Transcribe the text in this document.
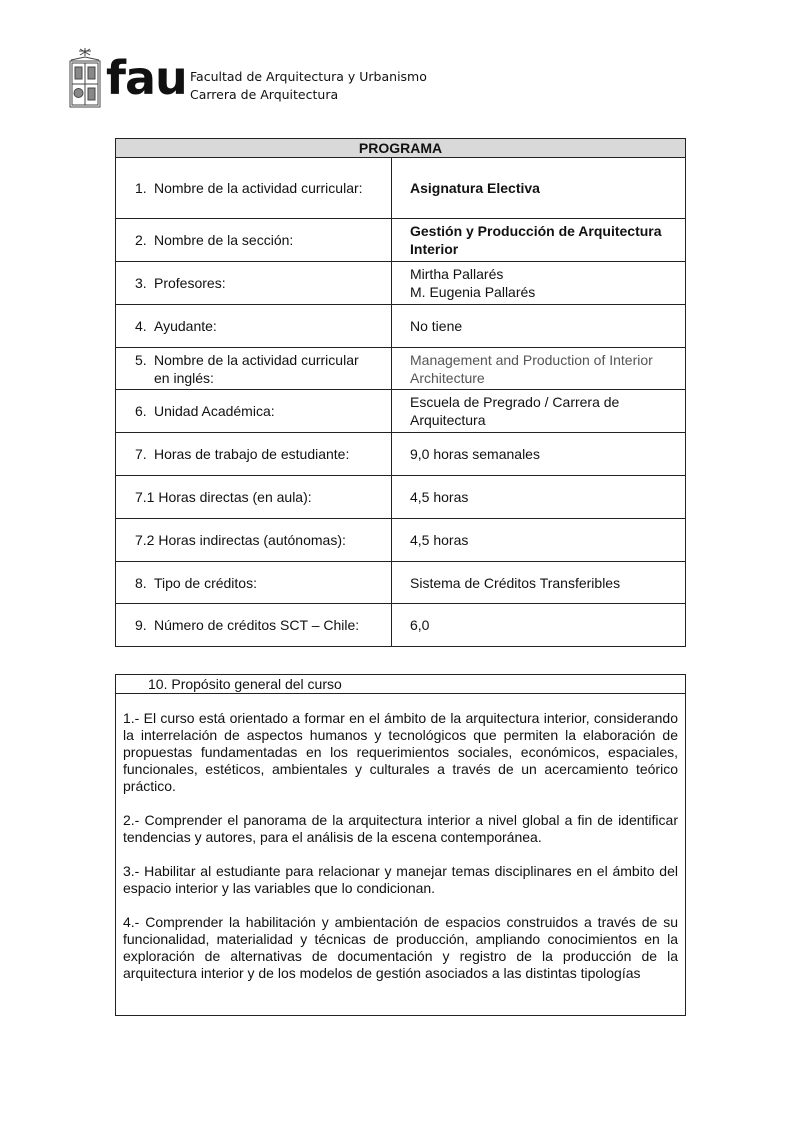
fau Facultad de Arquitectura y Urbanismo
Carrera de Arquitectura
PROGRAMA	
1. Nombre de la actividad curricular:	Asignatura Electiva
2. Nombre de la sección:	Gestión y Producción de Arquitectura Interior
3. Profesores:	Mirtha Pallarés
M. Eugenia Pallarés

4. Ayudante:	No tiene

5. Nombre de la actividad curricular
en inglés:	Management and Production of Interior Architecture
6. Unidad Académica:	Escuela de Pregrado / Carrera de Arquitectura
7. Horas de trabajo de estudiante:	9,0 horas semanales
7.1 Horas directas (en aula):	4,5 horas
7.2 Horas indirectas (autónomas):	4,5 horas
8. Tipo de créditos:	Sistema de Créditos Transferibles
9. Número de créditos SCT – Chile:	6,0
10. Propósito general del curso

1.- El curso está orientado a formar en el ámbito de la arquitectura interior, considerando la interrelación de aspectos humanos y tecnológicos que permiten la elaboración de propuestas fundamentadas en los requerimientos sociales, económicos, espaciales, funcionales, estéticos, ambientales y culturales a través de un acercamiento teórico práctico.

2.- Comprender el panorama de la arquitectura interior a nivel global a fin de identificar tendencias y autores, para el análisis de la escena contemporánea.

3.- Habilitar al estudiante para relacionar y manejar temas disciplinares en el ámbito del espacio interior y las variables que lo condicionan.

4.- Comprender la habilitación y ambientación de espacios construidos a través de su funcionalidad, materialidad y técnicas de producción, ampliando conocimientos en la exploración de alternativas de documentación y registro de la producción de la arquitectura interior y de los modelos de gestión asociados a las distintas tipologías
